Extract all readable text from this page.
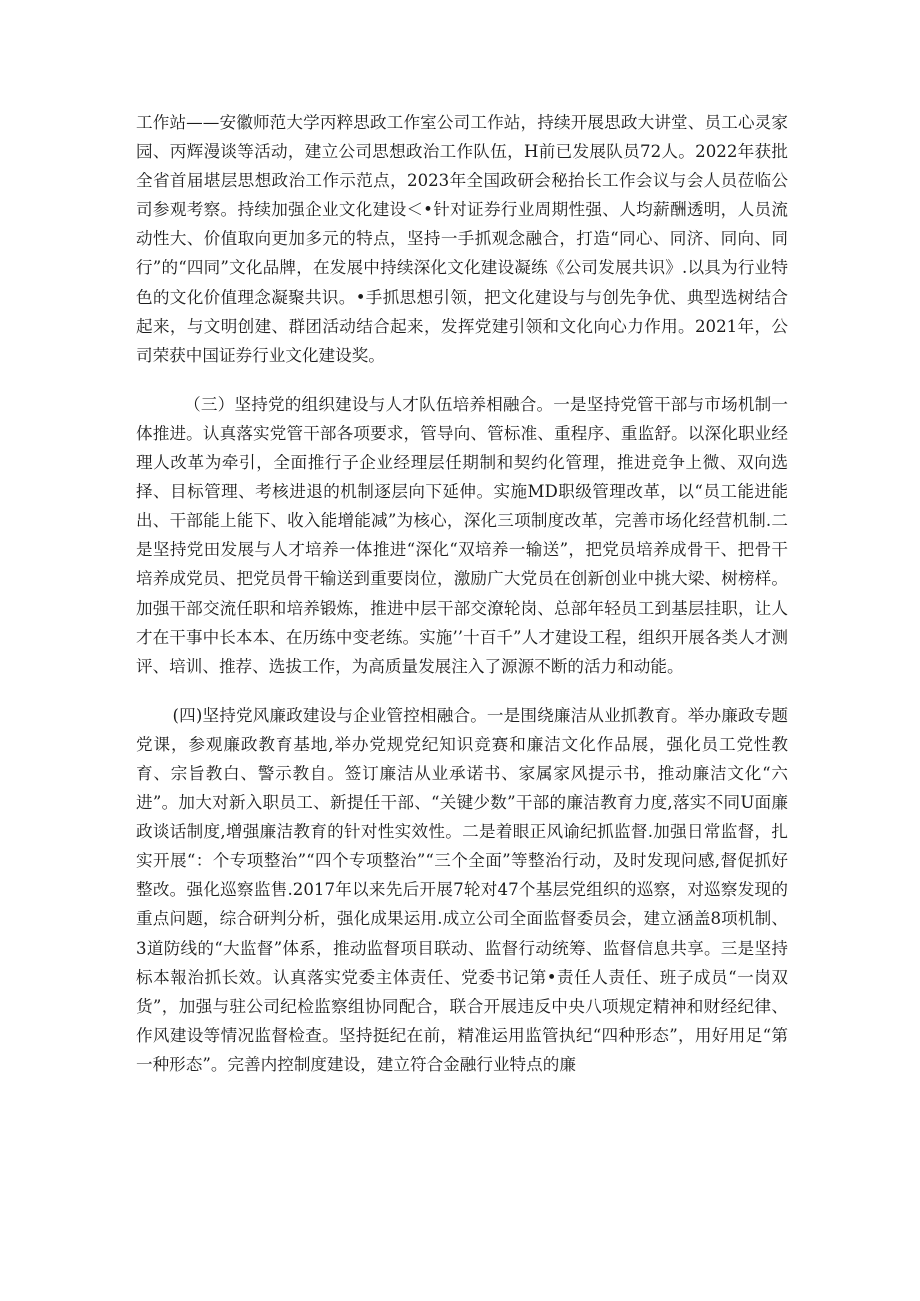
工作站——安徽师范大学丙粹思政工作室公司工作站，持续开展思政大讲堂、员工心灵家园、丙辉漫谈等活动，建立公司思想政治工作队伍，H前已发展队员72人。2022年获批全省首届堪层思想政治工作示范点，2023年全国政研会秘抬长工作会议与会人员莅临公司参观考察。持续加强企业文化建设＜•针对证券行业周期性强、人均薪酬透明，人员流动性大、价值取向更加多元的特点，坚持一手抓观念融合，打造“同心、同济、同向、同行”的“四同”文化品牌，在发展中持续深化文化建设凝练《公司发展共识》.以具为行业特色的文化价值理念凝聚共识。•手抓思想引领，把文化建设与与创先争优、典型选树结合起来，与文明创建、群团活动结合起来，发挥党建引领和文化向心力作用。2021年，公司荣获中国证券行业文化建设奖。

（三）坚持党的组织建设与人才队伍培养相融合。一是坚持党管干部与市场机制一体推进。认真落实党管干部各项要求，管导向、管标准、重程序、重监舒。以深化职业经理人改革为牵引，全面推行子企业经理层任期制和契约化管理，推进竞争上微、双向选择、目标管理、考核进退的机制逐层向下延伸。实施MD职级管理改革，以“员工能进能出、干部能上能下、收入能增能减”为核心，深化三项制度改革，完善市场化经营机制.二是坚持党田发展与人才培养一体推进“深化“双培养一输送”，把党员培养成骨干、把骨干培养成党员、把党员骨干输送到重要岗位，激励广大党员在创新创业中挑大梁、树榜样。加强干部交流任职和培养锻炼，推进中层干部交潦轮岗、总部年轻员工到基层挂职，让人才在干事中长本本、在历练中变老练。实施’’十百千”人才建设工程，组织开展各类人才测评、培训、推荐、选拔工作，为高质量发展注入了源源不断的活力和动能。

(四)坚持党风廉政建设与企业管控相融合。一是围绕廉洁从业抓教育。举办廉政专题党课，参观廉政教育基地,举办党规党纪知识竞赛和廉洁文化作品展，强化员工党性教育、宗旨教白、警示教自。签订廉洁从业承诺书、家属家风提示书，推动廉洁文化“六进”。加大对新入职员工、新提任干部、“关键少数”干部的廉洁教育力度,落实不同U面廉政谈话制度,增强廉洁教育的针对性实效性。二是着眼正风谕纪抓监督.加强日常监督，扎实开展“：个专项整治”“四个专项整治”“三个全面”等整治行动，及时发现问感,督促抓好整改。强化巡察监售.2017年以来先后开展7轮对47个基层党组织的巡察，对巡察发现的重点问题，综合研判分析，强化成果运用.成立公司全面监督委员会，建立涵盖8项机制、3道防线的“大监督”体系，推动监督项目联动、监督行动统筹、监督信息共享。三是坚持标本報治抓长效。认真落实党委主体责任、党委书记第•责任人责任、班子成员“一岗双货”，加强与驻公司纪检监察组协同配合，联合开展违反中央八项规定精神和财经纪律、作风建设等情况监督检查。坚持挺纪在前，精准运用监管执纪“四种形态”，用好用足“第一种形态”。完善内控制度建设，建立符合金融行业特点的廉
